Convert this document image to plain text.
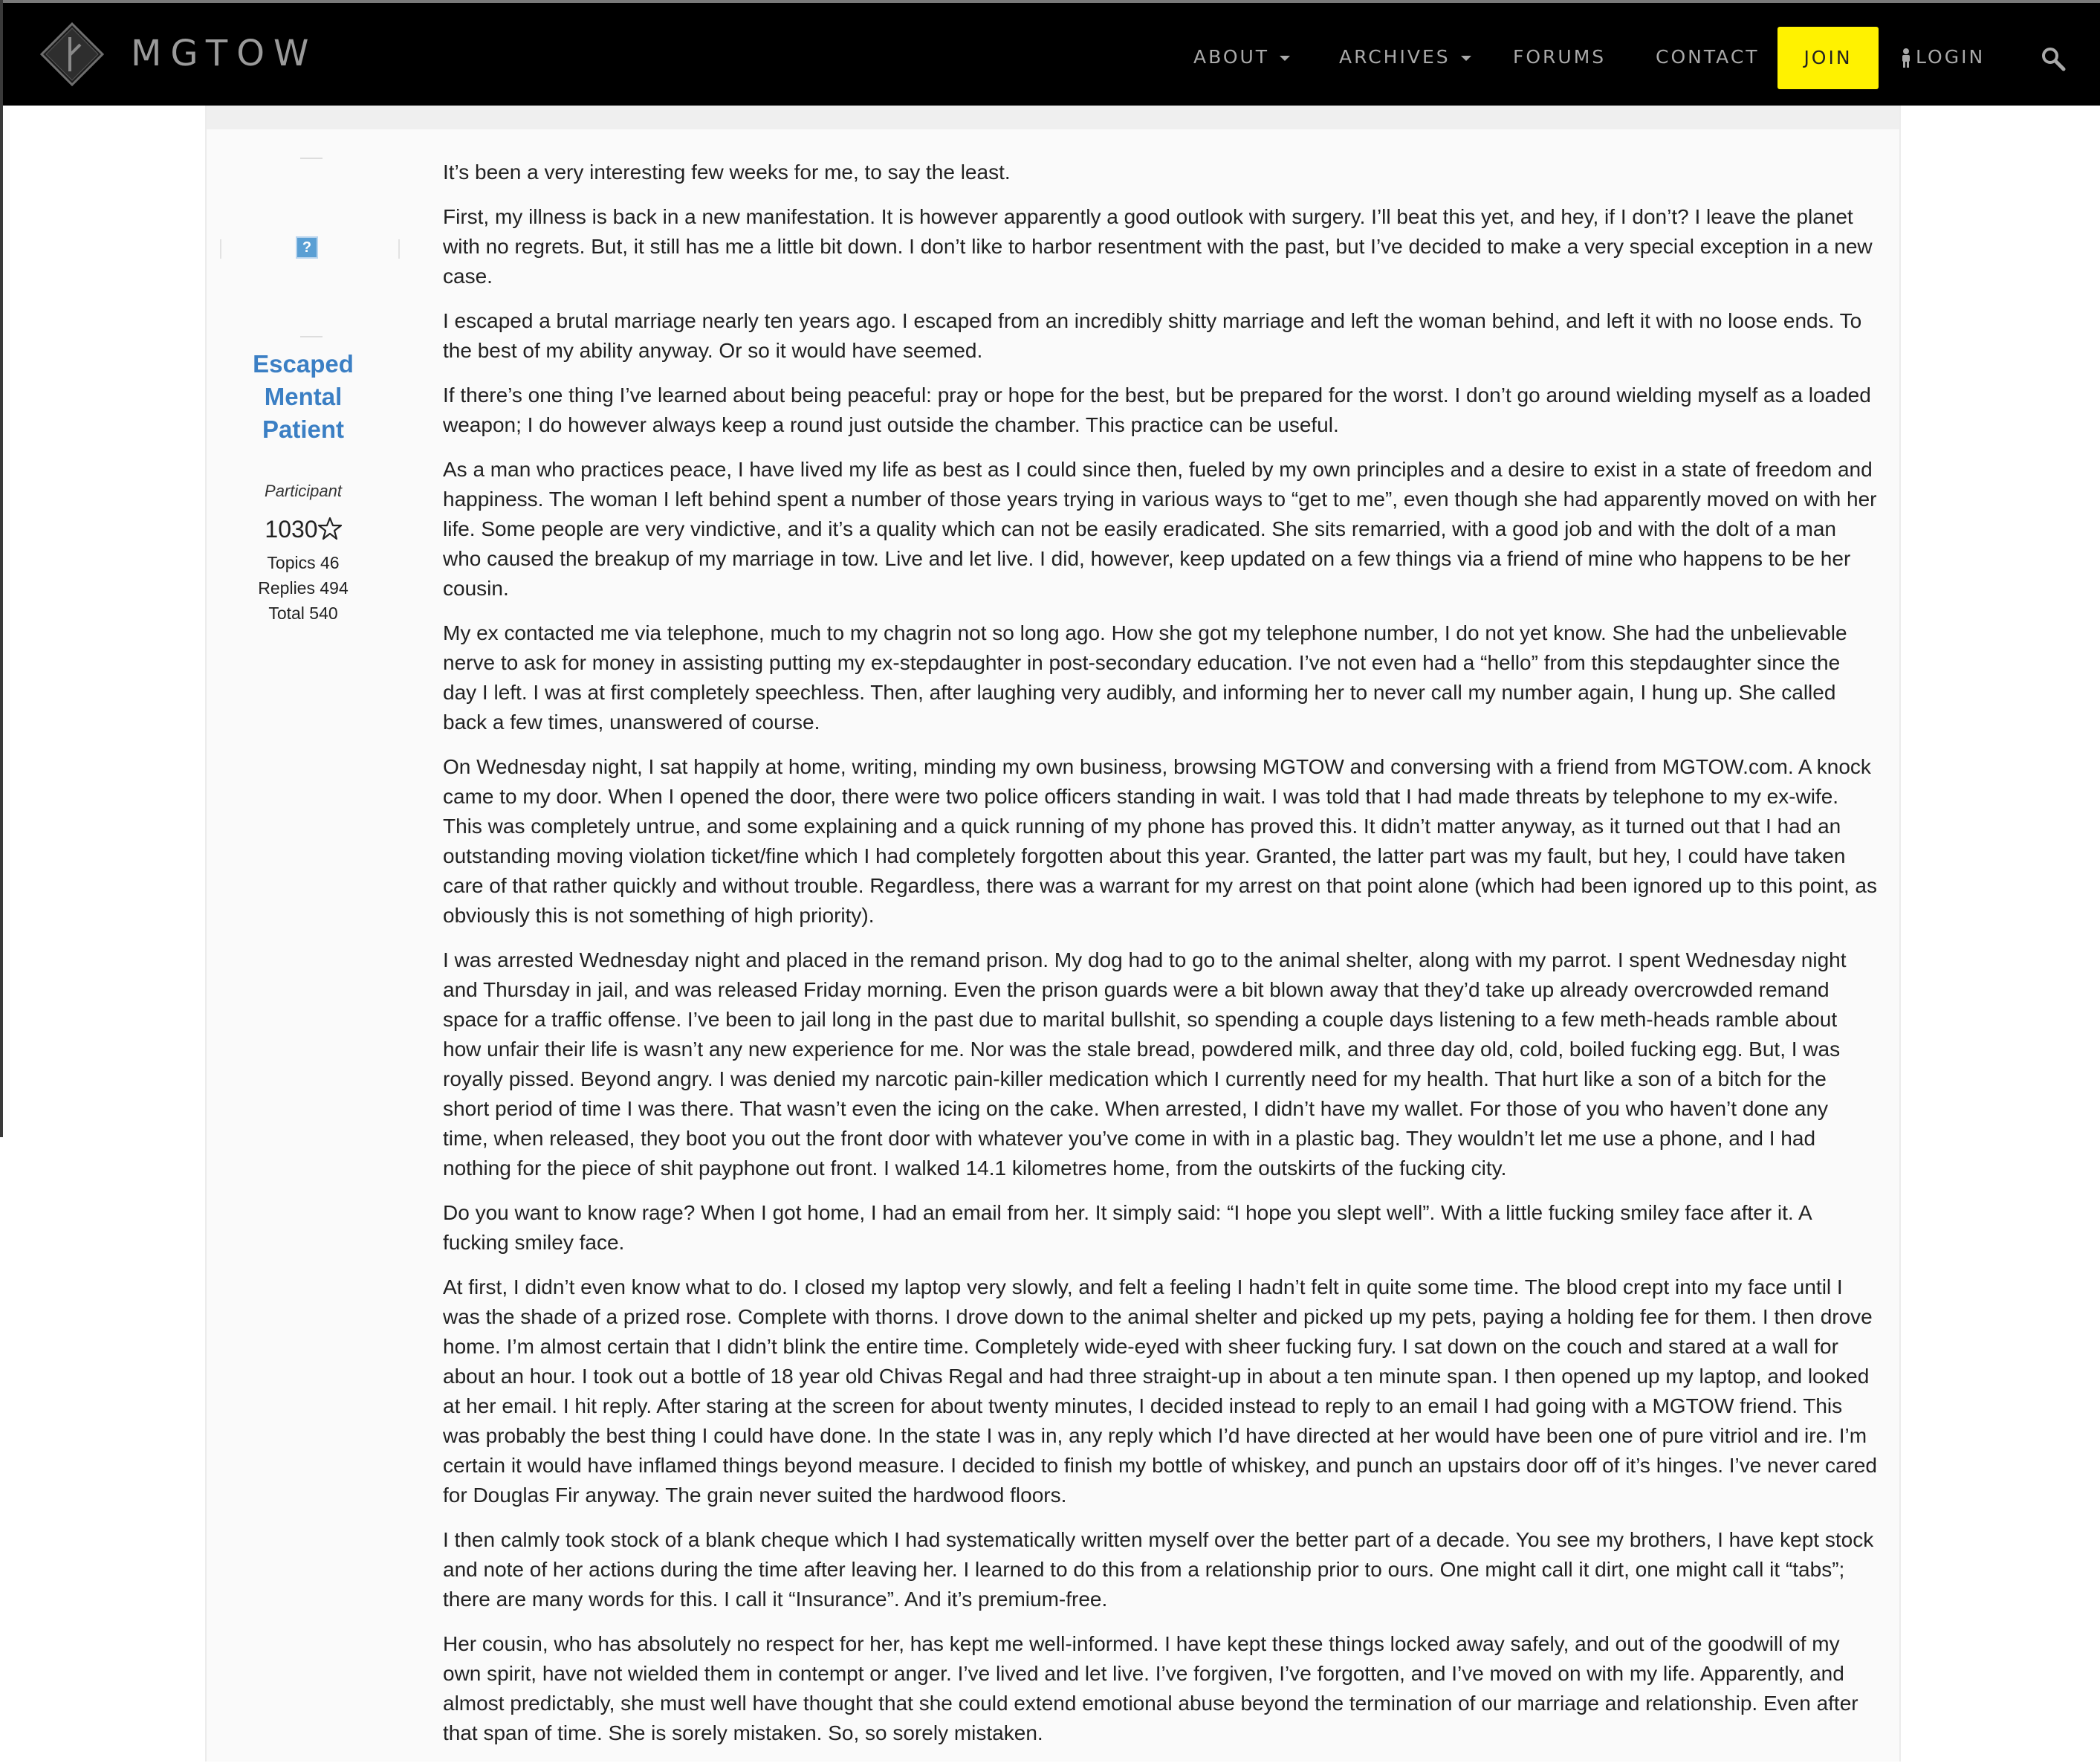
MGTOW	ABOUT	ARCHIVES	FORUMS	CONTACT	JOIN	LOGIN
?
Escaped Mental Patient
Participant
1030
Topics 46
Replies 494
Total 540

It’s been a very interesting few weeks for me, to say the least.

First, my illness is back in a new manifestation. It is however apparently a good outlook with surgery. I’ll beat this yet, and hey, if I don’t? I leave the planet with no regrets. But, it still has me a little bit down. I don’t like to harbor resentment with the past, but I’ve decided to make a very special exception in a new case.

I escaped a brutal marriage nearly ten years ago. I escaped from an incredibly shitty marriage and left the woman behind, and left it with no loose ends. To the best of my ability anyway. Or so it would have seemed.

If there’s one thing I’ve learned about being peaceful: pray or hope for the best, but be prepared for the worst. I don’t go around wielding myself as a loaded weapon; I do however always keep a round just outside the chamber. This practice can be useful.

As a man who practices peace, I have lived my life as best as I could since then, fueled by my own principles and a desire to exist in a state of freedom and happiness. The woman I left behind spent a number of those years trying in various ways to “get to me”, even though she had apparently moved on with her life. Some people are very vindictive, and it’s a quality which can not be easily eradicated. She sits remarried, with a good job and with the dolt of a man who caused the breakup of my marriage in tow. Live and let live. I did, however, keep updated on a few things via a friend of mine who happens to be her cousin.

My ex contacted me via telephone, much to my chagrin not so long ago. How she got my telephone number, I do not yet know. She had the unbelievable nerve to ask for money in assisting putting my ex-stepdaughter in post-secondary education. I’ve not even had a “hello” from this stepdaughter since the day I left. I was at first completely speechless. Then, after laughing very audibly, and informing her to never call my number again, I hung up. She called back a few times, unanswered of course.

On Wednesday night, I sat happily at home, writing, minding my own business, browsing MGTOW and conversing with a friend from MGTOW.com. A knock came to my door. When I opened the door, there were two police officers standing in wait. I was told that I had made threats by telephone to my ex-wife. This was completely untrue, and some explaining and a quick running of my phone has proved this. It didn’t matter anyway, as it turned out that I had an outstanding moving violation ticket/fine which I had completely forgotten about this year. Granted, the latter part was my fault, but hey, I could have taken care of that rather quickly and without trouble. Regardless, there was a warrant for my arrest on that point alone (which had been ignored up to this point, as obviously this is not something of high priority).

I was arrested Wednesday night and placed in the remand prison. My dog had to go to the animal shelter, along with my parrot. I spent Wednesday night and Thursday in jail, and was released Friday morning. Even the prison guards were a bit blown away that they’d take up already overcrowded remand space for a traffic offense. I’ve been to jail long in the past due to marital bullshit, so spending a couple days listening to a few meth-heads ramble about how unfair their life is wasn’t any new experience for me. Nor was the stale bread, powdered milk, and three day old, cold, boiled fucking egg. But, I was royally pissed. Beyond angry. I was denied my narcotic pain-killer medication which I currently need for my health. That hurt like a son of a bitch for the short period of time I was there. That wasn’t even the icing on the cake. When arrested, I didn’t have my wallet. For those of you who haven’t done any time, when released, they boot you out the front door with whatever you’ve come in with in a plastic bag. They wouldn’t let me use a phone, and I had nothing for the piece of shit payphone out front. I walked 14.1 kilometres home, from the outskirts of the fucking city.

Do you want to know rage? When I got home, I had an email from her. It simply said: “I hope you slept well”. With a little fucking smiley face after it. A fucking smiley face.

At first, I didn’t even know what to do. I closed my laptop very slowly, and felt a feeling I hadn’t felt in quite some time. The blood crept into my face until I was the shade of a prized rose. Complete with thorns. I drove down to the animal shelter and picked up my pets, paying a holding fee for them. I then drove home. I’m almost certain that I didn’t blink the entire time. Completely wide-eyed with sheer fucking fury. I sat down on the couch and stared at a wall for about an hour. I took out a bottle of 18 year old Chivas Regal and had three straight-up in about a ten minute span. I then opened up my laptop, and looked at her email. I hit reply. After staring at the screen for about twenty minutes, I decided instead to reply to an email I had going with a MGTOW friend. This was probably the best thing I could have done. In the state I was in, any reply which I’d have directed at her would have been one of pure vitriol and ire. I’m certain it would have inflamed things beyond measure. I decided to finish my bottle of whiskey, and punch an upstairs door off of it’s hinges. I’ve never cared for Douglas Fir anyway. The grain never suited the hardwood floors.

I then calmly took stock of a blank cheque which I had systematically written myself over the better part of a decade. You see my brothers, I have kept stock and note of her actions during the time after leaving her. I learned to do this from a relationship prior to ours. One might call it dirt, one might call it “tabs”; there are many words for this. I call it “Insurance”. And it’s premium-free.

Her cousin, who has absolutely no respect for her, has kept me well-informed. I have kept these things locked away safely, and out of the goodwill of my own spirit, have not wielded them in contempt or anger. I’ve lived and let live. I’ve forgiven, I’ve forgotten, and I’ve moved on with my life. Apparently, and almost predictably, she must well have thought that she could extend emotional abuse beyond the termination of our marriage and relationship. Even after that span of time. She is sorely mistaken. So, so sorely mistaken.
